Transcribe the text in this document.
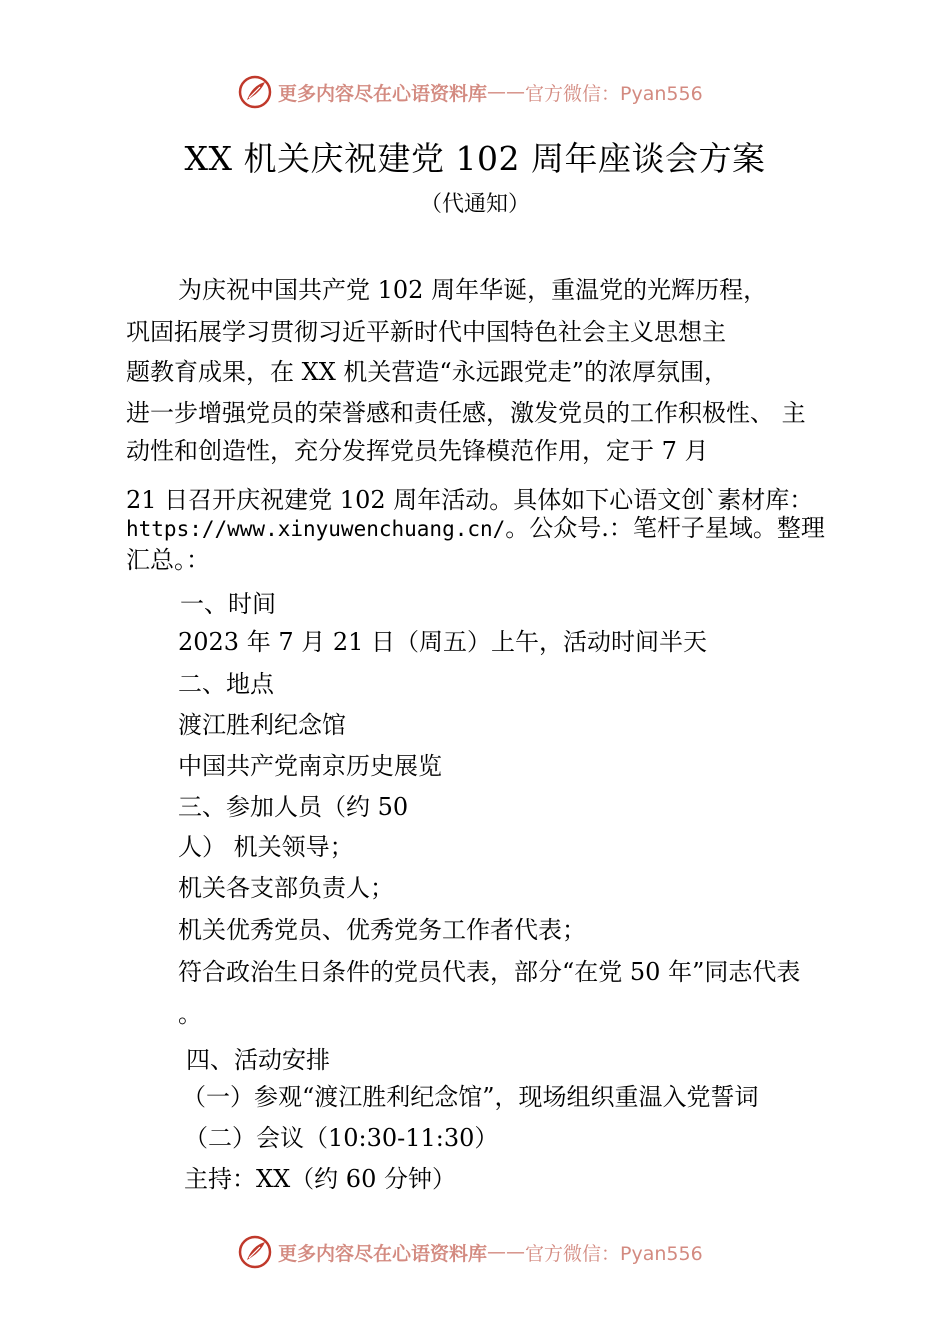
更多内容尽在心语资料库 —— 官方微信：Pyan556
XX 机关庆祝建党 102 周年座谈会方案
（代通知）
为庆祝中国共产党 102 周年华诞，重温党的光辉历程，
巩固拓展学习贯彻习近平新时代中国特色社会主义思想主
题教育成果，在 XX 机关营造“永远跟党走”的浓厚氛围，
进一步增强党员的荣誉感和责任感，激发党员的工作积极性、 主
动性和创造性，充分发挥党员先锋模范作用，定于 7 月
21 日召开庆祝建党 102 周年活动。具体如下心语文创`素材库：
https://www.xinyuwenchuang.cn/。公众号.：笔杆子星域。整理
汇总。：
一、时间
2023 年 7 月 21 日（周五）上午，活动时间半天
二、地点
渡江胜利纪念馆
中国共产党南京历史展览
三、参加人员（约 50
人） 机关领导；
机关各支部负责人；
机关优秀党员、优秀党务工作者代表；
符合政治生日条件的党员代表，部分“在党 50 年”同志代表
。
四、活动安排
（一）参观“渡江胜利纪念馆”，现场组织重温入党誓词
（二）会议（10:30-11:30）
主持：XX（约 60 分钟）
更多内容尽在心语资料库 —— 官方微信：Pyan556
